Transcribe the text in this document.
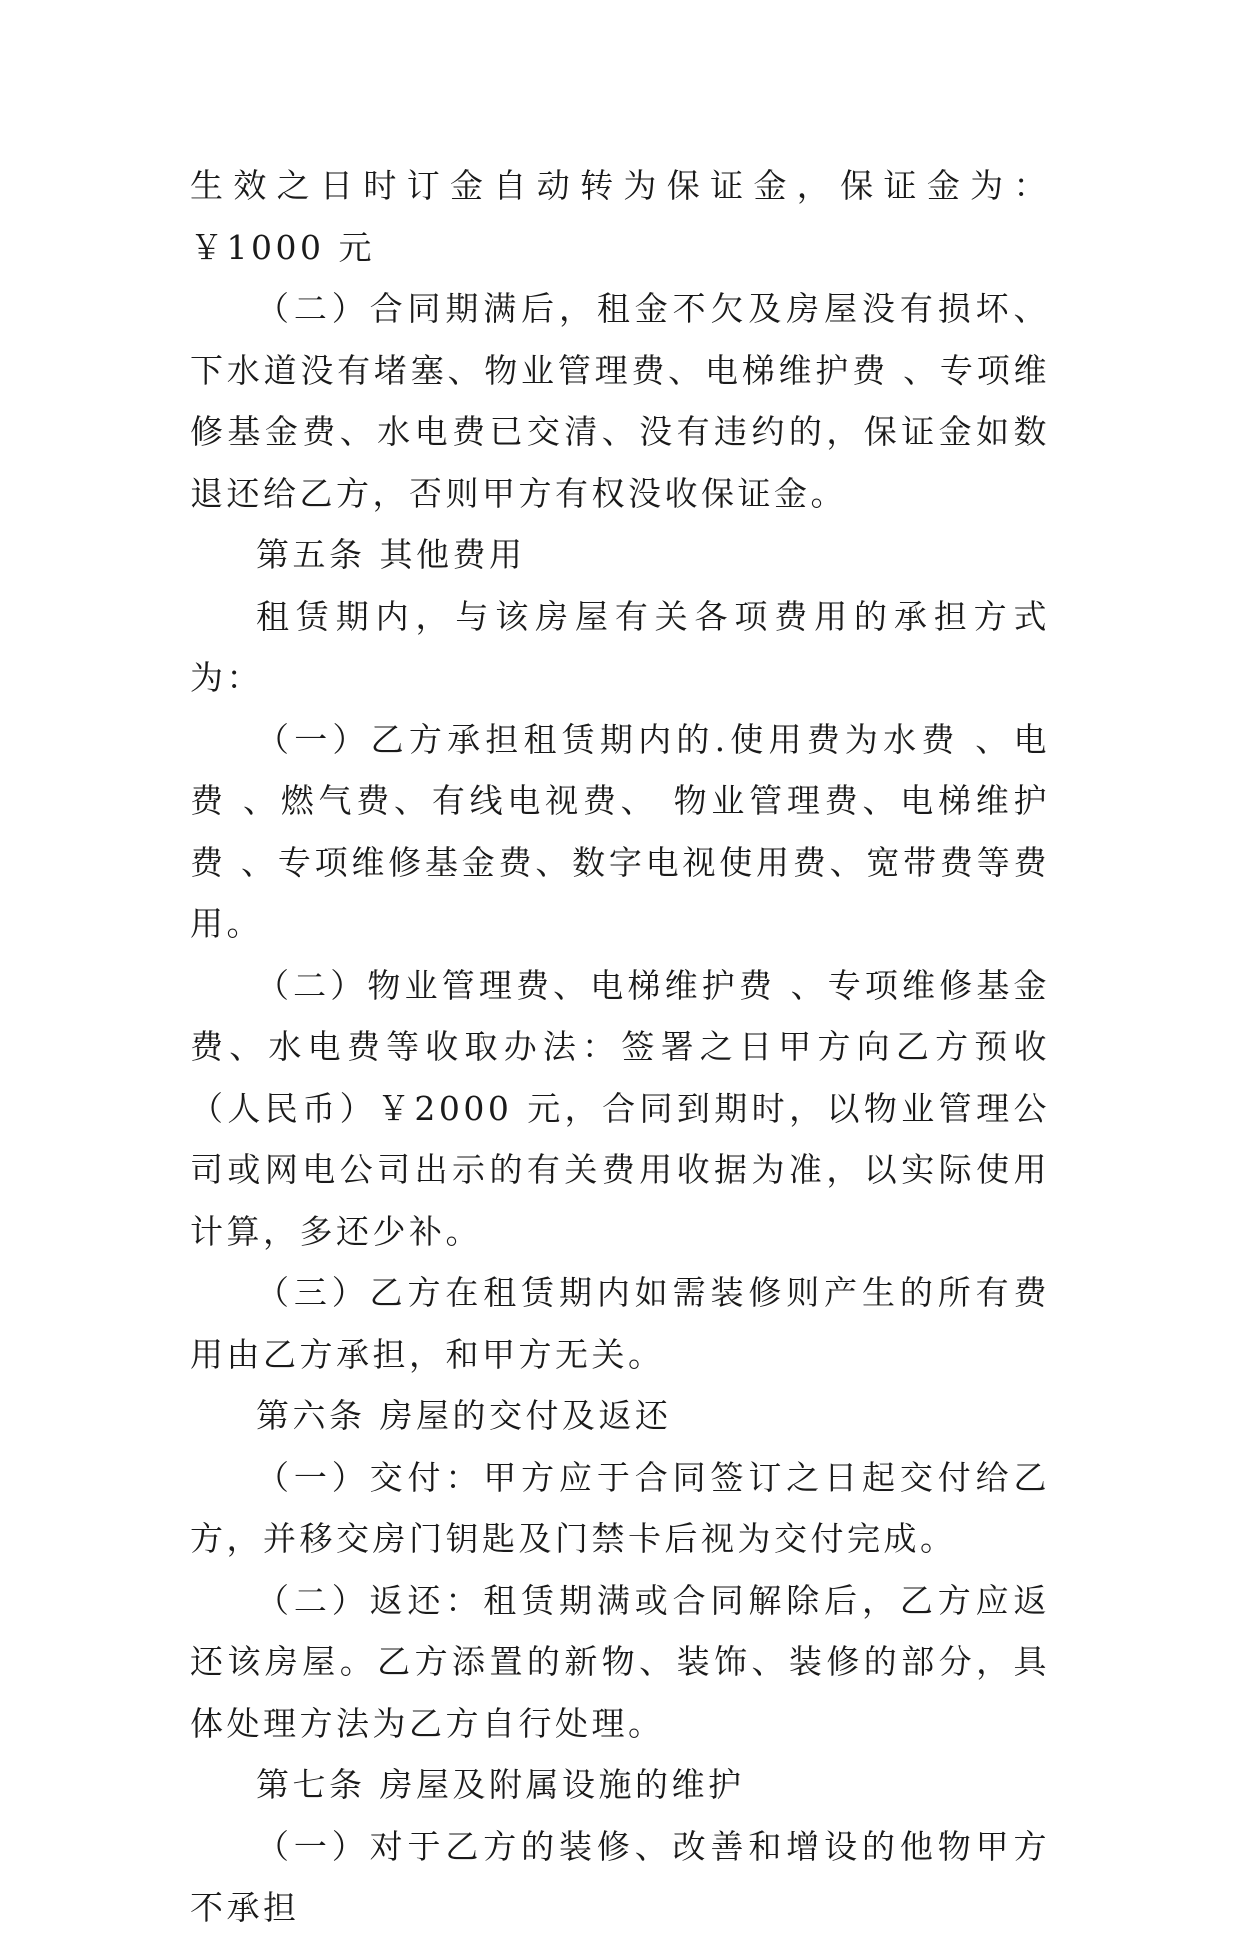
生效之日时订金自动转为保证金，保证金为：￥1000 元

（二）合同期满后，租金不欠及房屋没有损坏、下水道没有堵塞、物业管理费、电梯维护费 、专项维修基金费、水电费已交清、没有违约的，保证金如数退还给乙方，否则甲方有权没收保证金。

第五条 其他费用

租赁期内，与该房屋有关各项费用的承担方式为：

（一）乙方承担租赁期内的.使用费为水费 、电费 、燃气费、有线电视费、 物业管理费、电梯维护费 、专项维修基金费、数字电视使用费、宽带费等费用。

（二）物业管理费、电梯维护费 、专项维修基金费、水电费等收取办法：签署之日甲方向乙方预收（人民币）￥2000 元，合同到期时，以物业管理公司或网电公司出示的有关费用收据为准，以实际使用计算，多还少补。

（三）乙方在租赁期内如需装修则产生的所有费用由乙方承担，和甲方无关。

第六条 房屋的交付及返还

（一）交付：甲方应于合同签订之日起交付给乙方，并移交房门钥匙及门禁卡后视为交付完成。

（二）返还：租赁期满或合同解除后，乙方应返还该房屋。乙方添置的新物、装饰、装修的部分，具体处理方法为乙方自行处理。

第七条 房屋及附属设施的维护

（一）对于乙方的装修、改善和增设的他物甲方不承担
